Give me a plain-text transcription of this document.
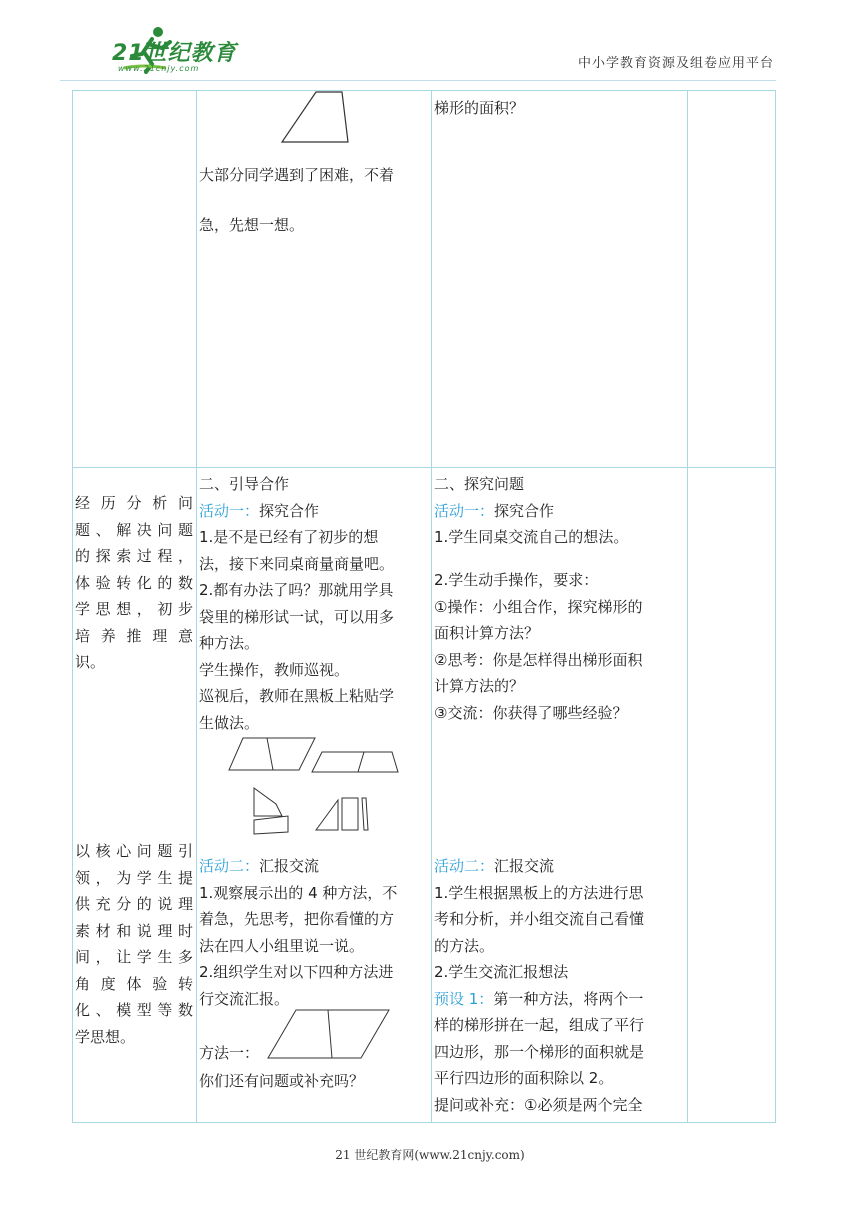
21世纪教育
www.21cnjy.com	中小学教育资源及组卷应用平台

大部分同学遇到了困难，不着

急，先想一想。

梯形的面积？

经历分析问

题、解决问题

的探索过程，

体验转化的数

学思想，初步

培养推理意

识。

以核心问题引

领，为学生提

供充分的说理

素材和说理时

间，让学生多

角度体验转

化、模型等数

学思想。

二、引导合作

活动一：探究合作

1.是不是已经有了初步的想

法，接下来同桌商量商量吧。

2.都有办法了吗？那就用学具

袋里的梯形试一试，可以用多

种方法。

学生操作，教师巡视。

巡视后，教师在黑板上粘贴学

生做法。

活动二：汇报交流

1.观察展示出的 4 种方法，不

着急，先思考，把你看懂的方

法在四人小组里说一说。

2.组织学生对以下四种方法进

行交流汇报。

方法一：
你们还有问题或补充吗？

二、探究问题

活动一：探究合作

1.学生同桌交流自己的想法。

2.学生动手操作，要求：

①操作：小组合作，探究梯形的

面积计算方法？

②思考：你是怎样得出梯形面积

计算方法的？

③交流：你获得了哪些经验？

活动二：汇报交流

1.学生根据黑板上的方法进行思

考和分析，并小组交流自己看懂

的方法。

2.学生交流汇报想法

预设 1：第一种方法，将两个一

样的梯形拼在一起，组成了平行

四边形，那一个梯形的面积就是

平行四边形的面积除以 2。

提问或补充：①必须是两个完全

21 世纪教育网(www.21cnjy.com)
